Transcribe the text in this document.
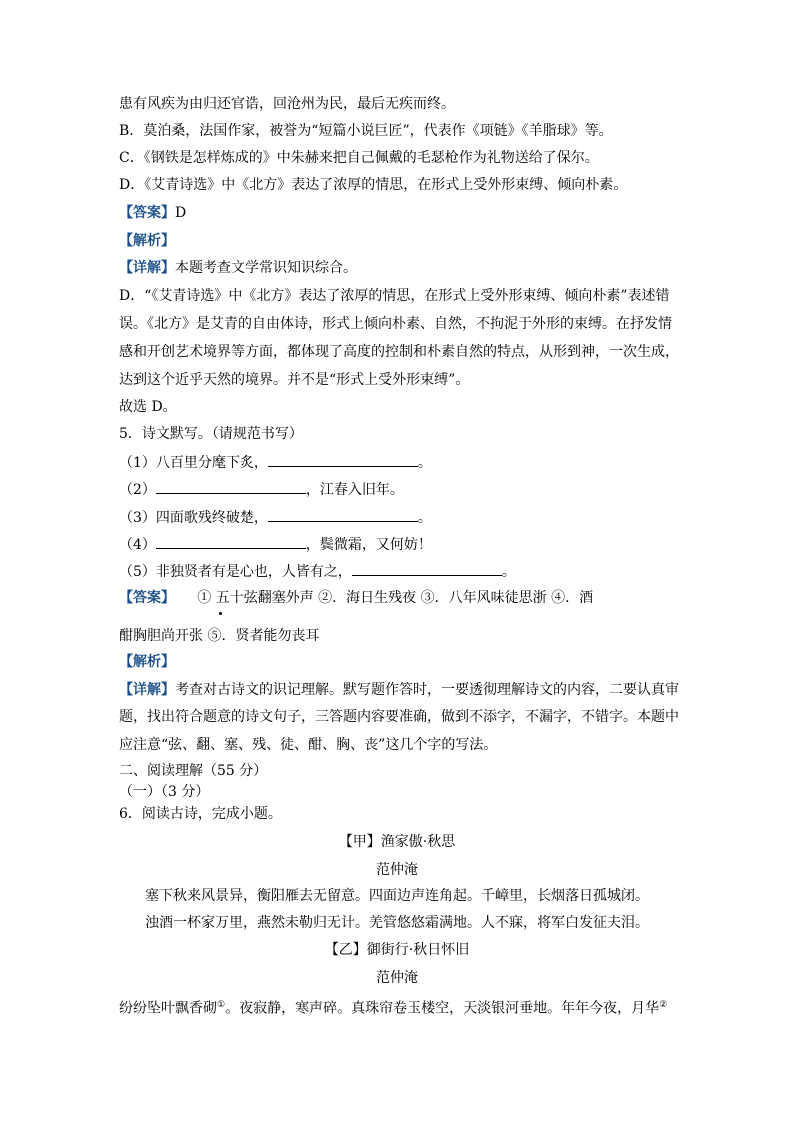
患有风疾为由归还官诰，回沧州为民，最后无疾而终。
B．莫泊桑，法国作家，被誉为“短篇小说巨匠”，代表作《项链》《羊脂球》等。
C．《钢铁是怎样炼成的》中朱赫来把自己佩戴的毛瑟枪作为礼物送给了保尔。
D．《艾青诗选》中《北方》表达了浓厚的情思，在形式上受外形束缚、倾向朴素。
【答案】D
【解析】
【详解】本题考查文学常识知识综合。
D．“《艾青诗选》中《北方》表达了浓厚的情思，在形式上受外形束缚、倾向朴素”表述错
误。《北方》是艾青的自由体诗，形式上倾向朴素、自然，不拘泥于外形的束缚。在抒发情
感和开创艺术境界等方面，都体现了高度的控制和朴素自然的特点，从形到神，一次生成，
达到这个近乎天然的境界。并不是“形式上受外形束缚”。
故选 D。
5．诗文默写。（请规范书写）
（1）八百里分麾下炙，	。
（2）	，江春入旧年。
（3）四面歌残终破楚，	。
（4）	，鬓微霜，又何妨！
（5）非独贤者有是心也，人皆有之，	。
【答案】 ① 五十弦翻塞外声 ②．海日生残夜 ③．八年风味徒思浙 ④．酒
酣胸胆尚开张 ⑤．贤者能勿丧耳
【解析】
【详解】考查对古诗文的识记理解。默写题作答时，一要透彻理解诗文的内容，二要认真审
题，找出符合题意的诗文句子，三答题内容要准确，做到不添字，不漏字，不错字。本题中
应注意“弦、翻、塞、残、徒、酣、胸、丧”这几个字的写法。
二、阅读理解（55 分）
（一）（3 分）
6．阅读古诗，完成小题。
【甲】渔家傲·秋思
范仲淹
塞下秋来风景异，衡阳雁去无留意。四面边声连角起。千嶂里，长烟落日孤城闭。
浊酒一杯家万里，燕然未勒归无计。羌管悠悠霜满地。人不寐，将军白发征夫泪。
【乙】御街行·秋日怀旧
范仲淹
纷纷坠叶飘香砌①。夜寂静，寒声碎。真珠帘卷玉楼空，天淡银河垂地。年年今夜，月华②
